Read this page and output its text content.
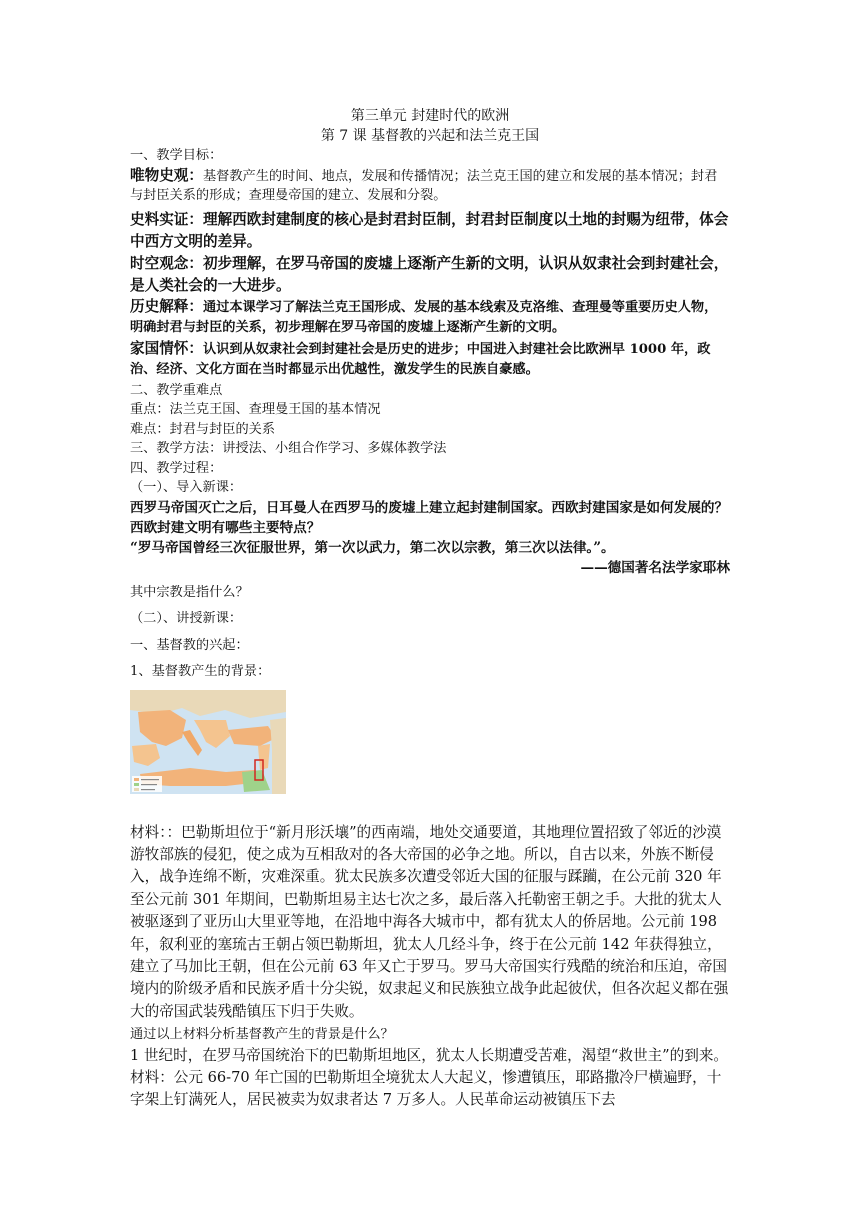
第三单元 封建时代的欧洲
第 7 课 基督教的兴起和法兰克王国

一、教学目标：

唯物史观：基督教产生的时间、地点，发展和传播情况；法兰克王国的建立和发展的基本情况；封君与封臣关系的形成；查理曼帝国的建立、发展和分裂。

史料实证：理解西欧封建制度的核心是封君封臣制，封君封臣制度以土地的封赐为纽带，体会中西方文明的差异。

时空观念：初步理解，在罗马帝国的废墟上逐渐产生新的文明，认识从奴隶社会到封建社会，是人类社会的一大进步。

历史解释：通过本课学习了解法兰克王国形成、发展的基本线索及克洛维、查理曼等重要历史人物，明确封君与封臣的关系，初步理解在罗马帝国的废墟上逐渐产生新的文明。

家国情怀：认识到从奴隶社会到封建社会是历史的进步；中国进入封建社会比欧洲早 1000 年，政治、经济、文化方面在当时都显示出优越性，激发学生的民族自豪感。

二、教学重难点

重点：法兰克王国、查理曼王国的基本情况

难点：封君与封臣的关系

三、教学方法：讲授法、小组合作学习、多媒体教学法

四、教学过程：

（一）、导入新课：

西罗马帝国灭亡之后，日耳曼人在西罗马的废墟上建立起封建制国家。西欧封建国家是如何发展的？西欧封建文明有哪些主要特点？

“罗马帝国曾经三次征服世界，第一次以武力，第二次以宗教，第三次以法律。”。

——德国著名法学家耶林

其中宗教是指什么？

（二）、讲授新课：

一、基督教的兴起：

1、基督教产生的背景：

材料：：巴勒斯坦位于“新月形沃壤”的西南端，地处交通要道，其地理位置招致了邻近的沙漠游牧部族的侵犯，使之成为互相敌对的各大帝国的必争之地。所以，自古以来，外族不断侵入，战争连绵不断，灾难深重。犹太民族多次遭受邻近大国的征服与蹂躏，在公元前 320 年至公元前 301 年期间，巴勒斯坦易主达七次之多，最后落入托勒密王朝之手。大批的犹太人被驱逐到了亚历山大里亚等地，在沿地中海各大城市中，都有犹太人的侨居地。公元前 198 年，叙利亚的塞琉古王朝占领巴勒斯坦，犹太人几经斗争，终于在公元前 142 年获得独立，建立了马加比王朝，但在公元前 63 年又亡于罗马。罗马大帝国实行残酷的统治和压迫，帝国境内的阶级矛盾和民族矛盾十分尖锐，奴隶起义和民族独立战争此起彼伏，但各次起义都在强大的帝国武装残酷镇压下归于失败。

通过以上材料分析基督教产生的背景是什么？

1 世纪时，在罗马帝国统治下的巴勒斯坦地区，犹太人长期遭受苦难，渴望“救世主”的到来。

材料：公元 66-70 年亡国的巴勒斯坦全境犹太人大起义，惨遭镇压，耶路撒冷尸横遍野，十字架上钉满死人，居民被卖为奴隶者达 7 万多人。人民革命运动被镇压下去
